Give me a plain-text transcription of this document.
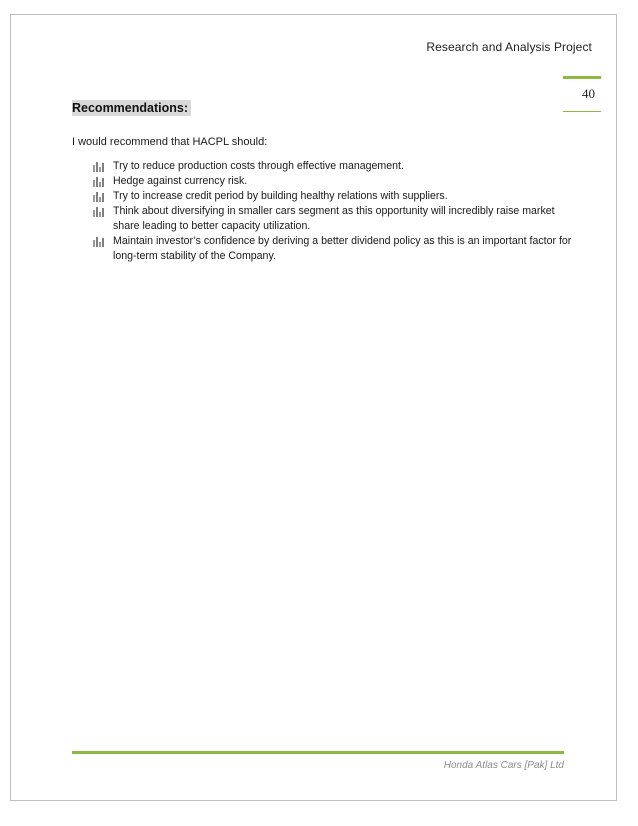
Research and Analysis Project
40
Recommendations:
I would recommend that HACPL should:
Try to reduce production costs through effective management.
Hedge against currency risk.
Try to increase credit period by building healthy relations with suppliers.
Think about diversifying in smaller cars segment as this opportunity will incredibly raise market share leading to better capacity utilization.
Maintain investor’s confidence by deriving a better dividend policy as this is an important factor for long-term stability of the Company.
Honda Atlas Cars [Pak] Ltd
